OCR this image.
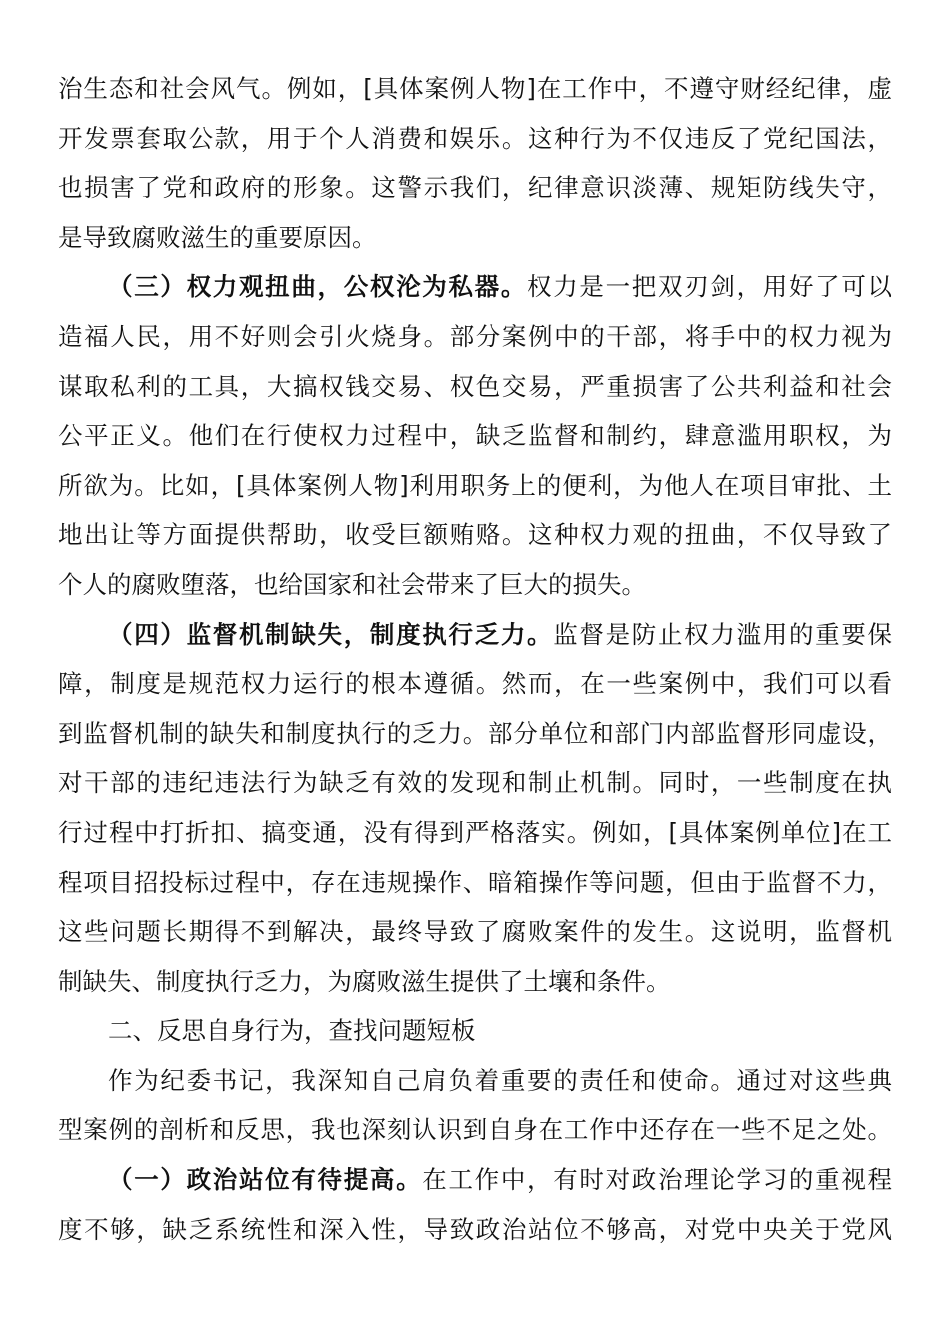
治生态和社会风气。例如，[具体案例人物]在工作中，不遵守财经纪律，虚
开发票套取公款，用于个人消费和娱乐。这种行为不仅违反了党纪国法，
也损害了党和政府的形象。这警示我们，纪律意识淡薄、规矩防线失守，
是导致腐败滋生的重要原因。
（三）权力观扭曲，公权沦为私器。权力是一把双刃剑，用好了可以
造福人民，用不好则会引火烧身。部分案例中的干部，将手中的权力视为
谋取私利的工具，大搞权钱交易、权色交易，严重损害了公共利益和社会
公平正义。他们在行使权力过程中，缺乏监督和制约，肆意滥用职权，为
所欲为。比如，[具体案例人物]利用职务上的便利，为他人在项目审批、土
地出让等方面提供帮助，收受巨额贿赂。这种权力观的扭曲，不仅导致了
个人的腐败堕落，也给国家和社会带来了巨大的损失。
（四）监督机制缺失，制度执行乏力。监督是防止权力滥用的重要保
障，制度是规范权力运行的根本遵循。然而，在一些案例中，我们可以看
到监督机制的缺失和制度执行的乏力。部分单位和部门内部监督形同虚设，
对干部的违纪违法行为缺乏有效的发现和制止机制。同时，一些制度在执
行过程中打折扣、搞变通，没有得到严格落实。例如，[具体案例单位]在工
程项目招投标过程中，存在违规操作、暗箱操作等问题，但由于监督不力，
这些问题长期得不到解决，最终导致了腐败案件的发生。这说明，监督机
制缺失、制度执行乏力，为腐败滋生提供了土壤和条件。
二、反思自身行为，查找问题短板
作为纪委书记，我深知自己肩负着重要的责任和使命。通过对这些典
型案例的剖析和反思，我也深刻认识到自身在工作中还存在一些不足之处。
（一）政治站位有待提高。在工作中，有时对政治理论学习的重视程
度不够，缺乏系统性和深入性，导致政治站位不够高，对党中央关于党风
